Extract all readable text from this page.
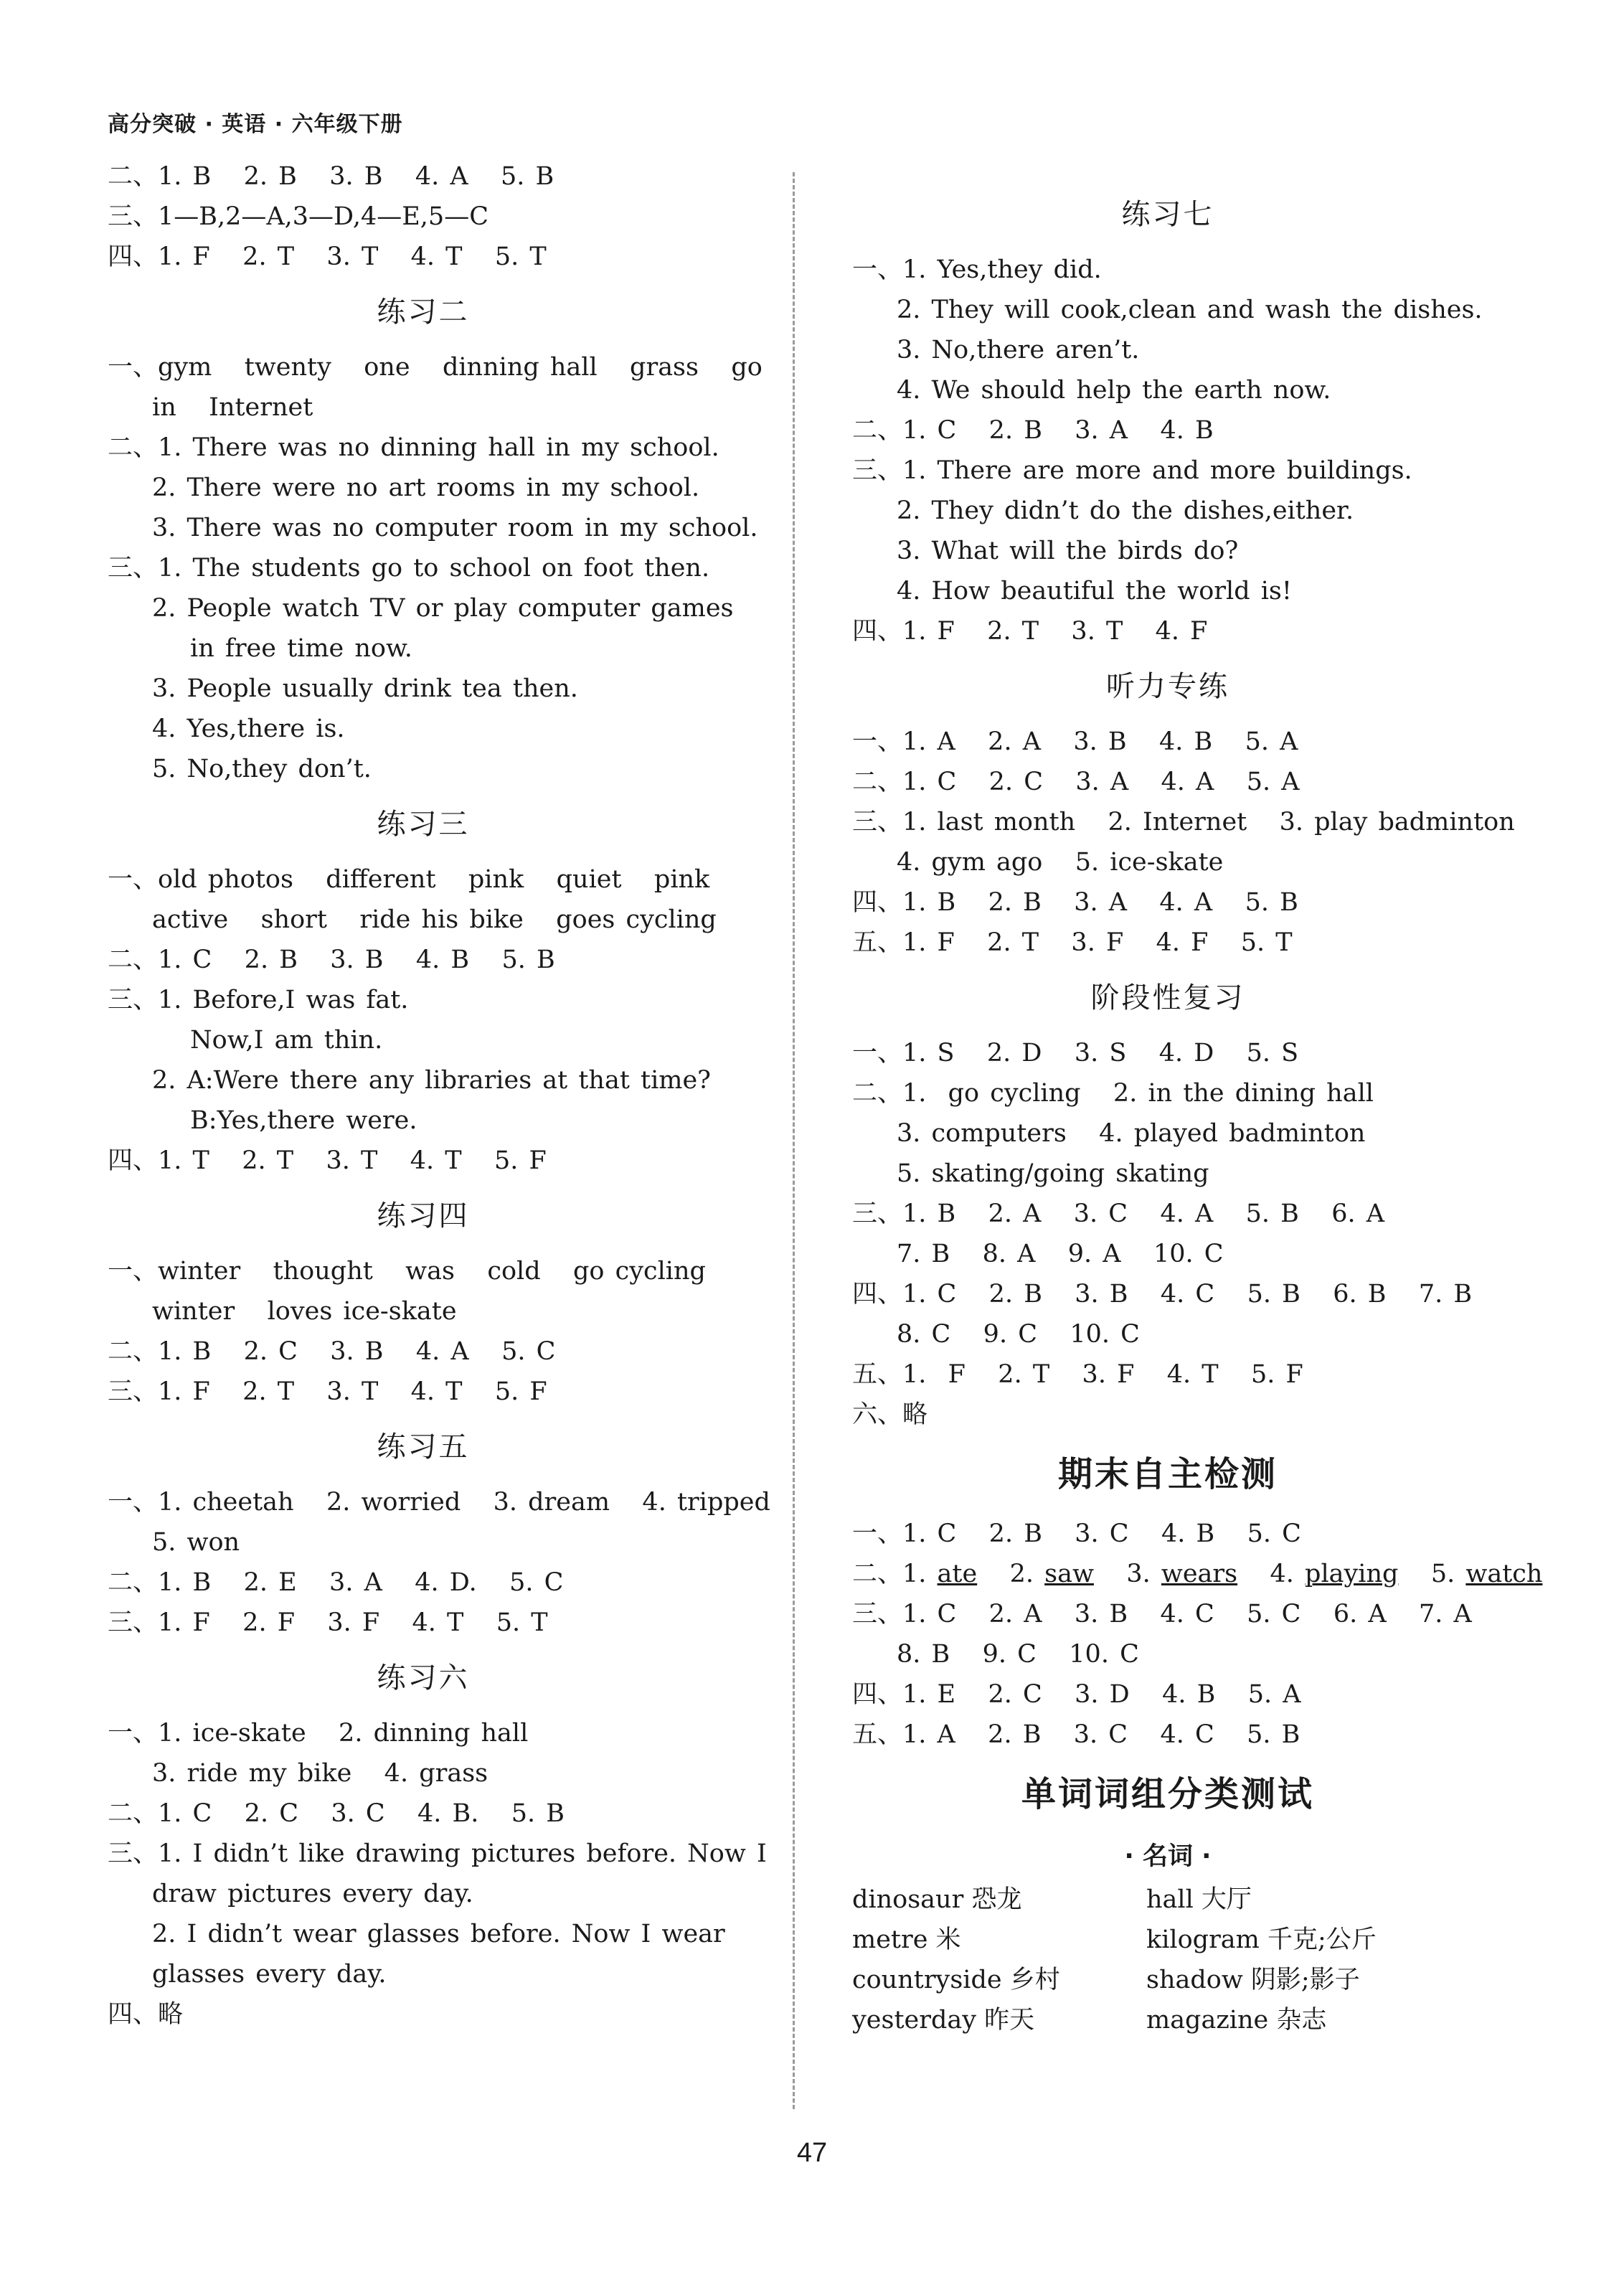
高分突破 · 英语 · 六年级下册
二、1. B   2. B   3. B   4. A   5. B
三、1—B,2—A,3—D,4—E,5—C
四、1. F   2. T   3. T   4. T   5. T
练习二
一、gym   twenty   one   dinning hall   grass   go
in   Internet
二、1. There was no dinning hall in my school.
2. There were no art rooms in my school.
3. There was no computer room in my school.
三、1. The students go to school on foot then.
2. People watch TV or play computer games
in free time now.
3. People usually drink tea then.
4. Yes,there is.
5. No,they don’t.
练习三
一、old photos   different   pink   quiet   pink
active   short   ride his bike   goes cycling
二、1. C   2. B   3. B   4. B   5. B
三、1. Before,I was fat.
Now,I am thin.
2. A:Were there any libraries at that time?
B:Yes,there were.
四、1. T   2. T   3. T   4. T   5. F
练习四
一、winter   thought   was   cold   go cycling
winter   loves ice-skate
二、1. B   2. C   3. B   4. A   5. C
三、1. F   2. T   3. T   4. T   5. F
练习五
一、1. cheetah   2. worried   3. dream   4. tripped
5. won
二、1. B   2. E   3. A   4. D.   5. C
三、1. F   2. F   3. F   4. T   5. T
练习六
一、1. ice-skate   2. dinning hall
3. ride my bike   4. grass
二、1. C   2. C   3. C   4. B.   5. B
三、1. I didn’t like drawing pictures before. Now I
draw pictures every day.
2. I didn’t wear glasses before. Now I wear
glasses every day.
四、略
练习七
一、1. Yes,they did.
2. They will cook,clean and wash the dishes.
3. No,there aren’t.
4. We should help the earth now.
二、1. C   2. B   3. A   4. B
三、1. There are more and more buildings.
2. They didn’t do the dishes,either.
3. What will the birds do?
4. How beautiful the world is!
四、1. F   2. T   3. T   4. F
听力专练
一、1. A   2. A   3. B   4. B   5. A
二、1. C   2. C   3. A   4. A   5. A
三、1. last month   2. Internet   3. play badminton
4. gym ago   5. ice-skate
四、1. B   2. B   3. A   4. A   5. B
五、1. F   2. T   3. F   4. F   5. T
阶段性复习
一、1. S   2. D   3. S   4. D   5. S
二、1.  go cycling   2. in the dining hall
3. computers   4. played badminton
5. skating/going skating
三、1. B   2. A   3. C   4. A   5. B   6. A
7. B   8. A   9. A   10. C
四、1. C   2. B   3. B   4. C   5. B   6. B   7. B
8. C   9. C   10. C
五、1.  F   2. T   3. F   4. T   5. F
六、略
期末自主检测
一、1. C   2. B   3. C   4. B   5. C
二、1. ate 2. saw 3. wears 4. playing 5. watch
三、1. C   2. A   3. B   4. C   5. C   6. A   7. A
8. B   9. C   10. C
四、1. E   2. C   3. D   4. B   5. A
五、1. A   2. B   3. C   4. C   5. B
单词词组分类测试
· 名词 ·
dinosaur 恐龙	hall 大厅
metre 米	kilogram 千克;公斤
countryside 乡村	shadow 阴影;影子
yesterday 昨天	magazine 杂志
47
